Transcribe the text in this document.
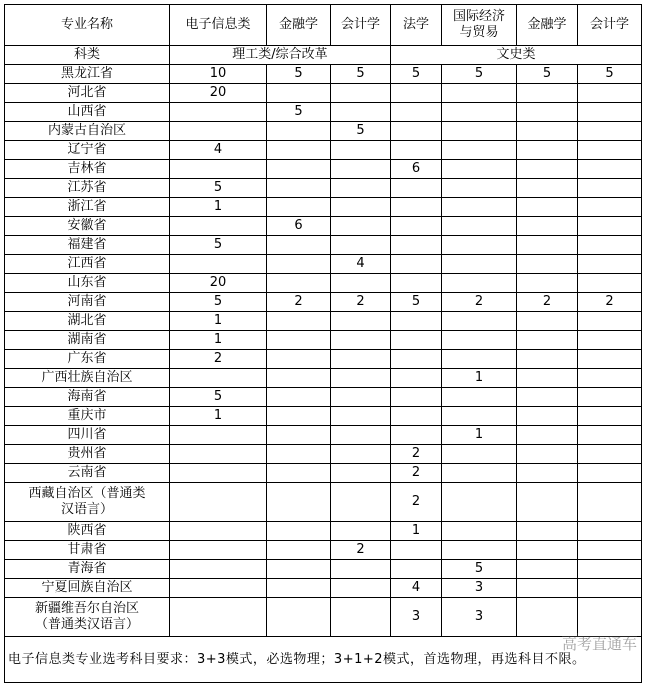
专业名称	电子信息类	金融学	会计学	法学	国际经济与贸易	金融学	会计学
科类	理工类/综合改革			文史类			
黑龙江省	10	5	5	5	5	5	5
河北省	20						
山西省		5					
内蒙古自治区			5				
辽宁省	4						
吉林省				6			
江苏省	5						
浙江省	1						
安徽省		6					
福建省	5						
江西省			4				
山东省	20						
河南省	5	2	2	5	2	2	2
湖北省	1						
湖南省	1						
广东省	2						
广西壮族自治区					1		
海南省	5						
重庆市	1						
四川省					1		
贵州省				2			
云南省				2			
西藏自治区（普通类汉语言）				2			
陕西省				1			
甘肃省			2				
青海省					5		
宁夏回族自治区				4	3		
新疆维吾尔自治区（普通类汉语言）				3	3		
电子信息类专业选考科目要求：3+3模式，必选物理；3+1+2模式，首选物理，再选科目不限。							
高考直通车
